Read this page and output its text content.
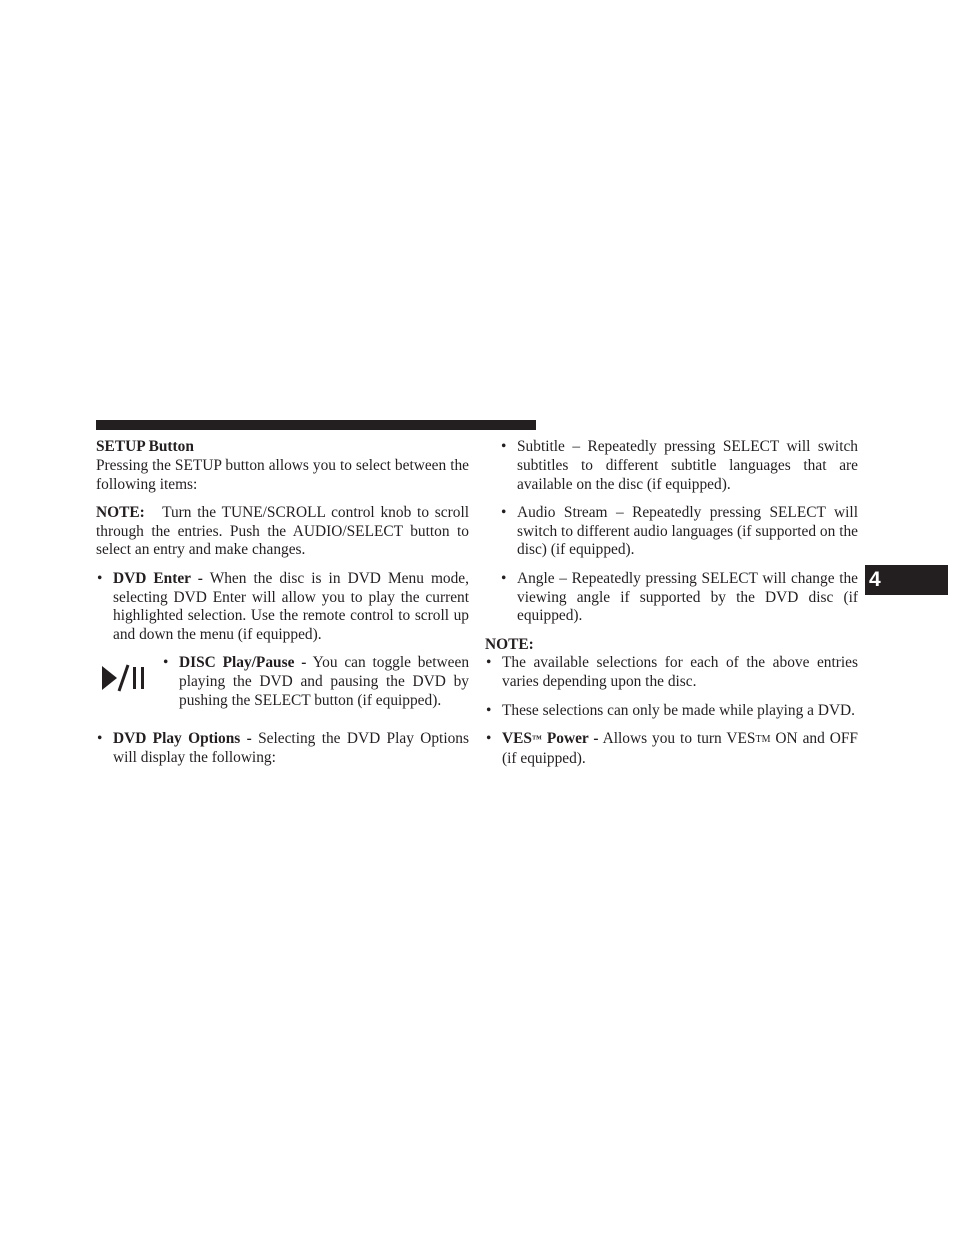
4

SETUP Button

Pressing the SETUP button allows you to select between the following items:

NOTE: Turn the TUNE/SCROLL control knob to scroll through the entries. Push the AUDIO/SELECT button to select an entry and make changes.

• DVD Enter - When the disc is in DVD Menu mode, selecting DVD Enter will allow you to play the current highlighted selection. Use the remote control to scroll up and down the menu (if equipped).
• DISC Play/Pause - You can toggle between playing the DVD and pausing the DVD by pushing the SELECT button (if equipped).
• DVD Play Options - Selecting the DVD Play Options will display the following:
• Subtitle – Repeatedly pressing SELECT will switch subtitles to different subtitle languages that are available on the disc (if equipped).
• Audio Stream – Repeatedly pressing SELECT will switch to different audio languages (if supported on the disc) (if equipped).
• Angle – Repeatedly pressing SELECT will change the viewing angle if supported by the DVD disc (if equipped).

NOTE:

• The available selections for each of the above entries varies depending upon the disc.
• These selections can only be made while playing a DVD.
• VES™ Power - Allows you to turn VESTM ON and OFF (if equipped).
